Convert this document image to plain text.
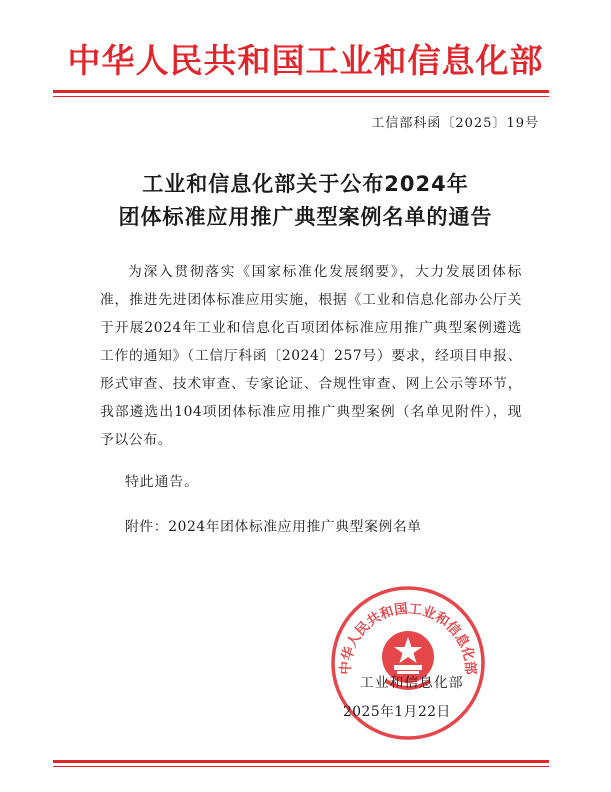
中华人民共和国工业和信息化部
工信部科函〔2025〕19号
工业和信息化部关于公布2024年
团体标准应用推广典型案例名单的通告
为深入贯彻落实《国家标准化发展纲要》，大力发展团体标准，推进先进团体标准应用实施，根据《工业和信息化部办公厅关于开展2024年工业和信息化百项团体标准应用推广典型案例遴选工作的通知》（工信厅科函〔2024〕257号）要求，经项目申报、形式审查、技术审查、专家论证、合规性审查、网上公示等环节，我部遴选出104项团体标准应用推广典型案例（名单见附件），现予以公布。
特此通告。
附件：2024年团体标准应用推广典型案例名单
中华人民共和国工业和信息化部
工业和信息化部
2025年1月22日
